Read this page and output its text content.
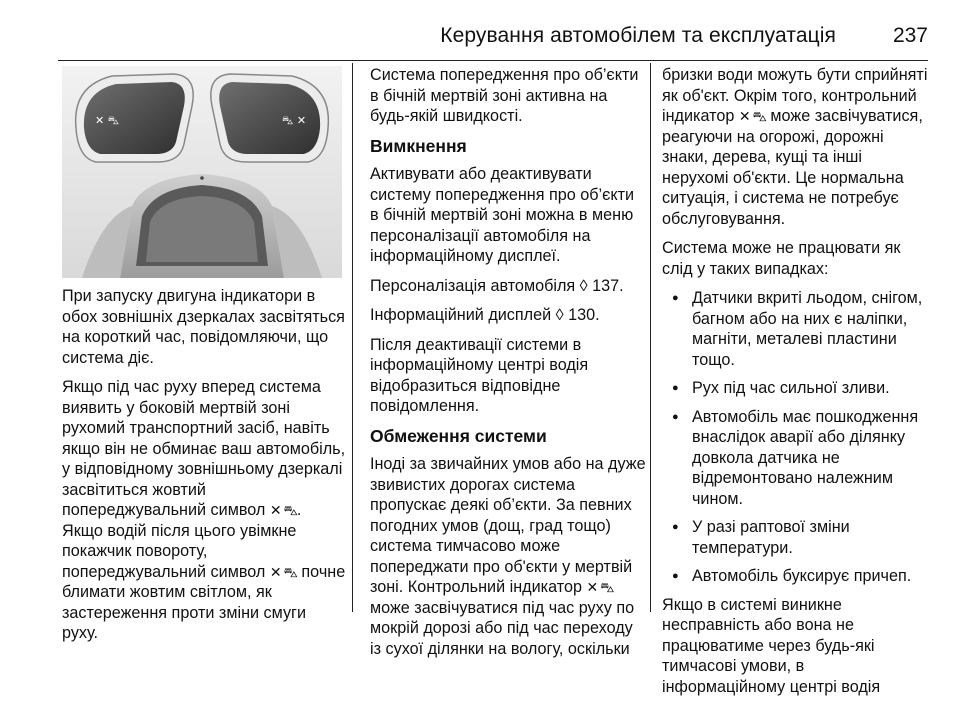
Керування автомобілем та експлуатація	237
✕ ⛍	⛍ ✕

При запуску двигуна індикатори в обох зовнішніх дзеркалах засвітяться на короткий час, повідомляючи, що система діє.

Якщо під час руху вперед система виявить у боковій мертвій зоні рухомий транспортний засіб, навіть якщо він не обминає ваш автомобіль, у відповідному зовнішньому дзеркалі засвітиться жовтий попереджувальний символ ✕ ⛍. Якщо водій після цього увімкне покажчик повороту, попереджувальний символ ✕ ⛍ почне блимати жовтим світлом, як застереження проти зміни смуги руху.

Система попередження про об’єкти в бічній мертвій зоні активна на будь-якій швидкості.

Вимкнення

Активувати або деактивувати систему попередження про об’єкти в бічній мертвій зоні можна в меню персоналізації автомобіля на інформаційному дисплеї.

Персоналізація автомобіля ◊ 137.

Інформаційний дисплей ◊ 130.

Після деактивації системи в інформаційному центрі водія відобразиться відповідне повідомлення.

Обмеження системи

Іноді за звичайних умов або на дуже звивистих дорогах система пропускає деякі об’єкти. За певних погодних умов (дощ, град тощо) система тимчасово може попереджати про об'єкти у мертвій зоні. Контрольний індикатор ✕ ⛍ може засвічуватися під час руху по мокрій дорозі або під час переходу із сухої ділянки на вологу, оскільки

бризки води можуть бути сприйняті як об'єкт. Окрім того, контрольний індикатор ✕ ⛍ може засвічуватися, реагуючи на огорожі, дорожні знаки, дерева, кущі та інші нерухомі об'єкти. Це нормальна ситуація, і система не потребує обслуговування.

Система може не працювати як слід у таких випадках:

● Датчики вкриті льодом, снігом, багном або на них є наліпки, магніти, металеві пластини тощо.
● Рух під час сильної зливи.
● Автомобіль має пошкодження внаслідок аварії або ділянку довкола датчика не відремонтовано належним чином.
● У разі раптової зміни температури.
● Автомобіль буксирує причеп.

Якщо в системі виникне несправність або вона не працюватиме через будь-які тимчасові умови, в інформаційному центрі водія
